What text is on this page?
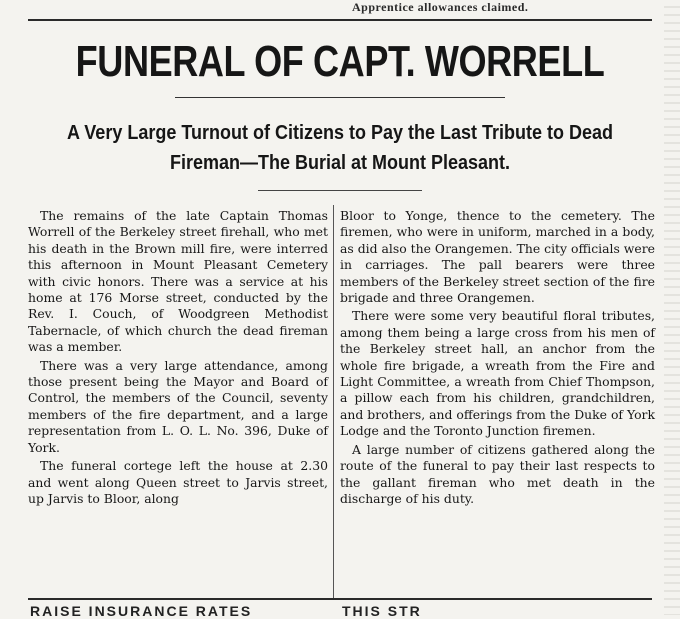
Apprentice allowances claimed.
FUNERAL OF CAPT. WORRELL
A Very Large Turnout of Citizens to Pay the Last Tribute to Dead
Fireman—The Burial at Mount Pleasant.

The remains of the late Captain Thomas Worrell of the Berkeley street firehall, who met his death in the Brown mill fire, were interred this afternoon in Mount Pleasant Cemetery with civic honors. There was a service at his home at 176 Morse street, conducted by the Rev. I. Couch, of Woodgreen Methodist Tabernacle, of which church the dead fireman was a member.

There was a very large attendance, among those present being the Mayor and Board of Control, the members of the Council, seventy members of the fire department, and a large representation from L. O. L. No. 396, Duke of York.

The funeral cortege left the house at 2.30 and went along Queen street to Jarvis street, up Jarvis to Bloor, along

Bloor to Yonge, thence to the cemetery. The firemen, who were in uniform, marched in a body, as did also the Orangemen. The city officials were in carriages. The pall bearers were three members of the Berkeley street section of the fire brigade and three Orangemen.

There were some very beautiful floral tributes, among them being a large cross from his men of the Berkeley street hall, an anchor from the whole fire brigade, a wreath from the Fire and Light Committee, a wreath from Chief Thompson, a pillow each from his children, grandchildren, and brothers, and offerings from the Duke of York Lodge and the Toronto Junction firemen.

A large number of citizens gathered along the route of the funeral to pay their last respects to the gallant fireman who met death in the discharge of his duty.

RAISE INSURANCE RATES	THIS STR
